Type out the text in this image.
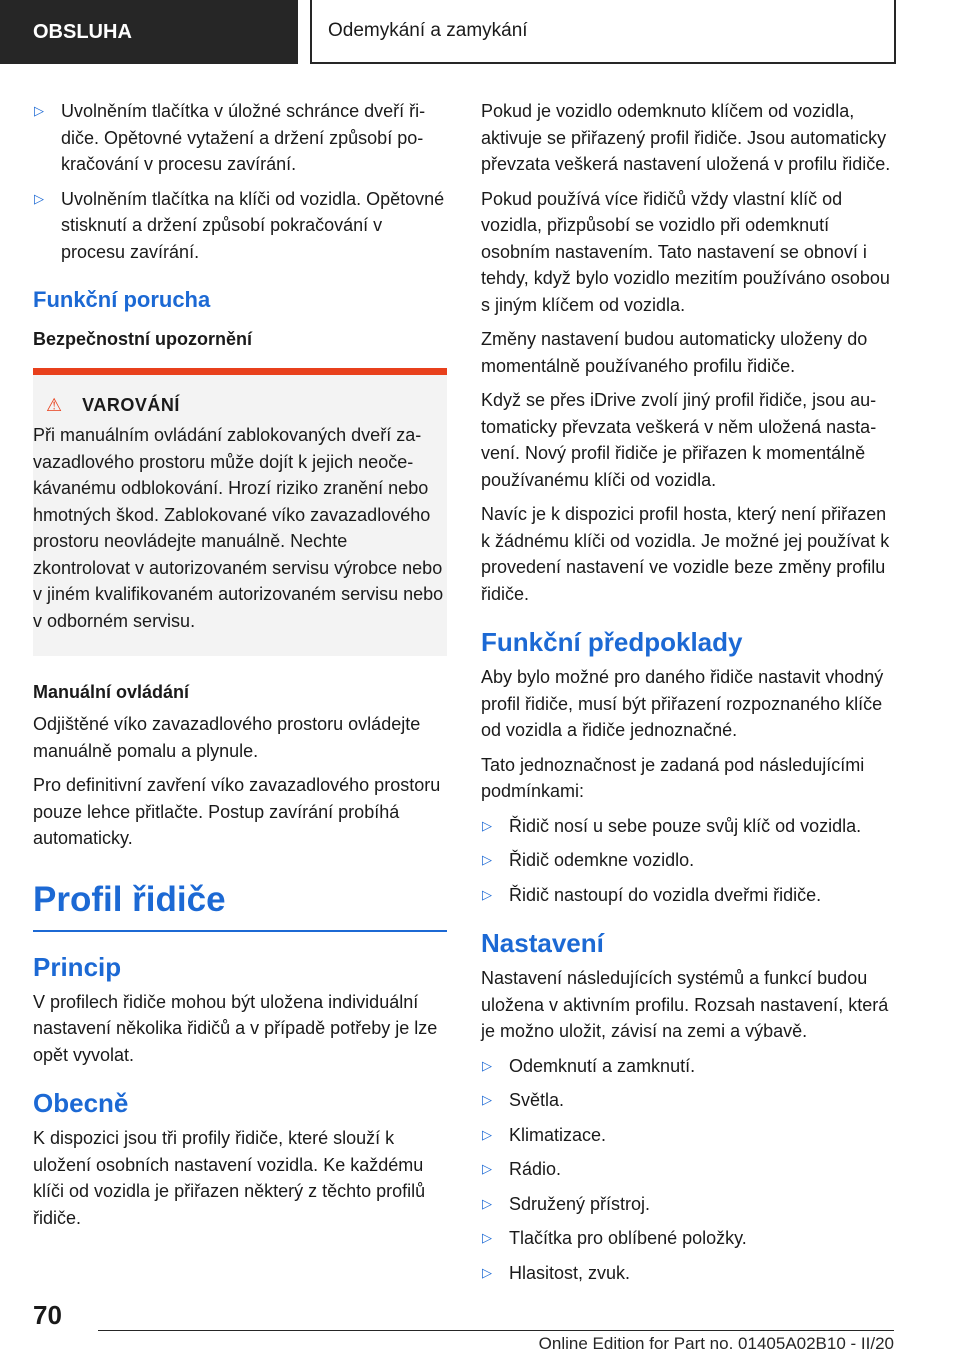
OBSLUHA	Odemykání a zamykání
▷ Uvolněním tlačítka v úložné schránce dveří řidiče. Opětovné vytažení a držení způsobí pokračování v procesu zavírání.
▷ Uvolněním tlačítka na klíči od vozidla. Opětovné stisknutí a držení způsobí pokračování v procesu zavírání.
Funkční porucha
Bezpečnostní upozornění
⚠ VAROVÁNÍ
Při manuálním ovládání zablokovaných dveří zavazadlového prostoru může dojít k jejich neočekávanému odblokování. Hrozí riziko zranění nebo hmotných škod. Zablokované víko zavazadlového prostoru neovládejte manuálně. Nechte zkontrolovat v autorizovaném servisu výrobce nebo v jiném kvalifikovaném autorizovaném servisu nebo v odborném servisu.
Manuální ovládání

Odjištěné víko zavazadlového prostoru ovládejte manuálně pomalu a plynule.

Pro definitivní zavření víko zavazadlového prostoru pouze lehce přitlačte. Postup zavírání probíhá automaticky.

Profil řidiče
Princip

V profilech řidiče mohou být uložena individuální nastavení několika řidičů a v případě potřeby je lze opět vyvolat.

Obecně

K dispozici jsou tři profily řidiče, které slouží k uložení osobních nastavení vozidla. Ke každému klíči od vozidla je přiřazen některý z těchto profilů řidiče.

Pokud je vozidlo odemknuto klíčem od vozidla, aktivuje se přiřazený profil řidiče. Jsou automaticky převzata veškerá nastavení uložená v profilu řidiče.

Pokud používá více řidičů vždy vlastní klíč od vozidla, přizpůsobí se vozidlo při odemknutí osobním nastavením. Tato nastavení se obnoví i tehdy, když bylo vozidlo mezitím používáno osobou s jiným klíčem od vozidla.

Změny nastavení budou automaticky uloženy do momentálně používaného profilu řidiče.

Když se přes iDrive zvolí jiný profil řidiče, jsou automaticky převzata veškerá v něm uložená nastavení. Nový profil řidiče je přiřazen k momentálně používanému klíči od vozidla.

Navíc je k dispozici profil hosta, který není přiřazen k žádnému klíči od vozidla. Je možné jej používat k provedení nastavení ve vozidle beze změny profilu řidiče.

Funkční předpoklady

Aby bylo možné pro daného řidiče nastavit vhodný profil řidiče, musí být přiřazení rozpoznaného klíče od vozidla a řidiče jednoznačné.

Tato jednoznačnost je zadaná pod následujícími podmínkami:

▷ Řidič nosí u sebe pouze svůj klíč od vozidla.
▷ Řidič odemkne vozidlo.
▷ Řidič nastoupí do vozidla dveřmi řidiče.
Nastavení

Nastavení následujících systémů a funkcí budou uložena v aktivním profilu. Rozsah nastavení, která je možno uložit, závisí na zemi a výbavě.

▷ Odemknutí a zamknutí.
▷ Světla.
▷ Klimatizace.
▷ Rádio.
▷ Sdružený přístroj.
▷ Tlačítka pro oblíbené položky.
▷ Hlasitost, zvuk.
70
Online Edition for Part no. 01405A02B10 - II/20
